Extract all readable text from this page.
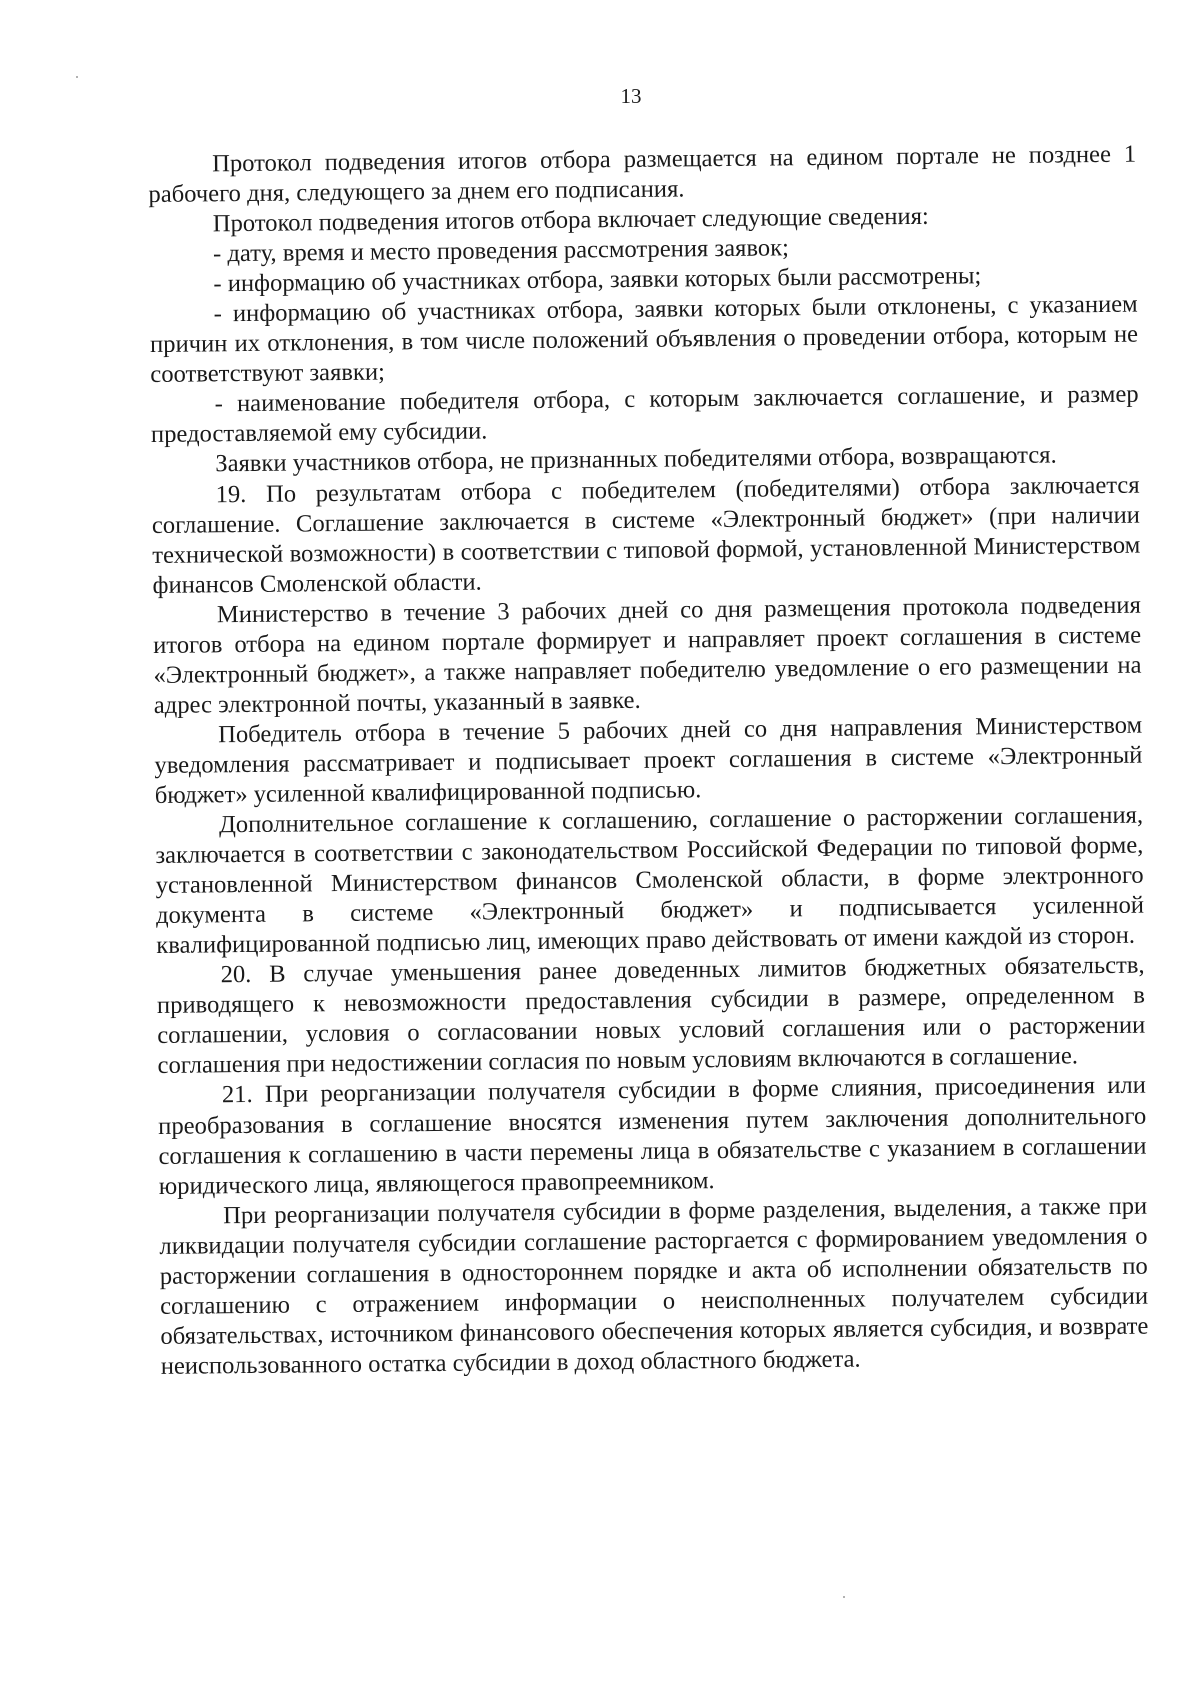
13

Протокол подведения итогов отбора размещается на едином портале не позднее 1 рабочего дня, следующего за днем его подписания.

Протокол подведения итогов отбора включает следующие сведения:

- дату, время и место проведения рассмотрения заявок;

- информацию об участниках отбора, заявки которых были рассмотрены;

- информацию об участниках отбора, заявки которых были отклонены, с указанием причин их отклонения, в том числе положений объявления о проведении отбора, которым не соответствуют заявки;

- наименование победителя отбора, с которым заключается соглашение, и размер предоставляемой ему субсидии.

Заявки участников отбора, не признанных победителями отбора, возвращаются.

19. По результатам отбора с победителем (победителями) отбора заключается соглашение. Соглашение заключается в системе «Электронный бюджет» (при наличии технической возможности) в соответствии с типовой формой, установленной Министерством финансов Смоленской области.

Министерство в течение 3 рабочих дней со дня размещения протокола подведения итогов отбора на едином портале формирует и направляет проект соглашения в системе «Электронный бюджет», а также направляет победителю уведомление о его размещении на адрес электронной почты, указанный в заявке.

Победитель отбора в течение 5 рабочих дней со дня направления Министерством уведомления рассматривает и подписывает проект соглашения в системе «Электронный бюджет» усиленной квалифицированной подписью.

Дополнительное соглашение к соглашению, соглашение о расторжении соглашения, заключается в соответствии с законодательством Российской Федерации по типовой форме, установленной Министерством финансов Смоленской области, в форме электронного документа в системе «Электронный бюджет» и подписывается усиленной квалифицированной подписью лиц, имеющих право действовать от имени каждой из сторон.

20. В случае уменьшения ранее доведенных лимитов бюджетных обязательств, приводящего к невозможности предоставления субсидии в размере, определенном в соглашении, условия о согласовании новых условий соглашения или о расторжении соглашения при недостижении согласия по новым условиям включаются в соглашение.

21. При реорганизации получателя субсидии в форме слияния, присоединения или преобразования в соглашение вносятся изменения путем заключения дополнительного соглашения к соглашению в части перемены лица в обязательстве с указанием в соглашении юридического лица, являющегося правопреемником.

При реорганизации получателя субсидии в форме разделения, выделения, а также при ликвидации получателя субсидии соглашение расторгается с формированием уведомления о расторжении соглашения в одностороннем порядке и акта об исполнении обязательств по соглашению с отражением информации о неисполненных получателем субсидии обязательствах, источником финансового обеспечения которых является субсидия, и возврате неиспользованного остатка субсидии в доход областного бюджета.
